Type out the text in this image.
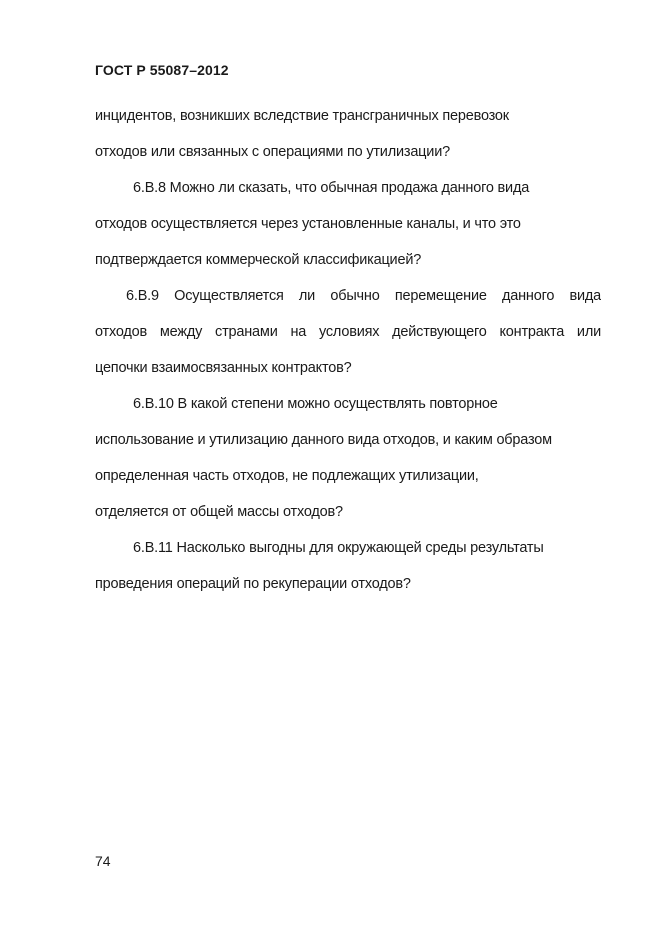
ГОСТ Р 55087–2012
инцидентов, возникших вследствие трансграничных перевозок
отходов или связанных с операциями по утилизации?
6.В.8 Можно ли сказать, что обычная продажа данного вида
отходов осуществляется через установленные каналы, и что это
подтверждается коммерческой классификацией?
6.В.9 Осуществляется ли обычно перемещение данного вида
отходов между странами на условиях действующего контракта или
цепочки взаимосвязанных контрактов?
6.В.10 В какой степени можно осуществлять повторное
использование и утилизацию данного вида отходов, и каким образом
определенная часть отходов, не подлежащих утилизации,
отделяется от общей массы отходов?
6.В.11 Насколько выгодны для окружающей среды результаты
проведения операций по рекуперации отходов?
74
